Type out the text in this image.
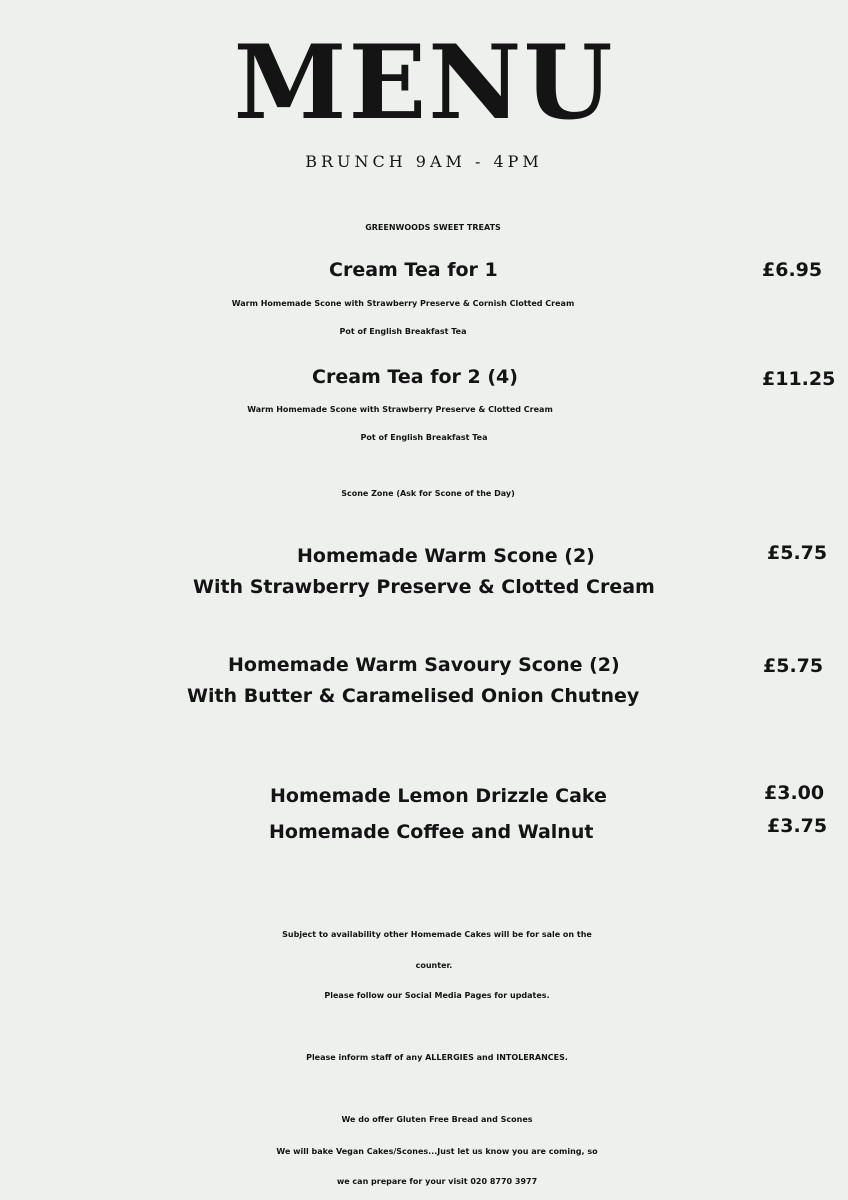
MENU
BRUNCH 9AM - 4PM
GREENWOODS SWEET TREATS
Cream Tea for 1	£6.95
Warm Homemade Scone with Strawberry Preserve & Cornish Clotted Cream
Pot of English Breakfast Tea
Cream Tea for 2 (4)	£11.25
Warm Homemade Scone with Strawberry Preserve & Clotted Cream
Pot of English Breakfast Tea
Scone Zone (Ask for Scone of the Day)
Homemade Warm Scone (2)	£5.75
With Strawberry Preserve & Clotted Cream
Homemade Warm Savoury Scone (2)	£5.75
With Butter & Caramelised Onion Chutney
Homemade Lemon Drizzle Cake	£3.00
Homemade Coffee and Walnut	£3.75
Subject to availability other Homemade Cakes will be for sale on the
counter.
Please follow our Social Media Pages for updates.
Please inform staff of any ALLERGIES and INTOLERANCES.
We do offer Gluten Free Bread and Scones
We will bake Vegan Cakes/Scones...Just let us know you are coming, so
we can prepare for your visit 020 8770 3977
